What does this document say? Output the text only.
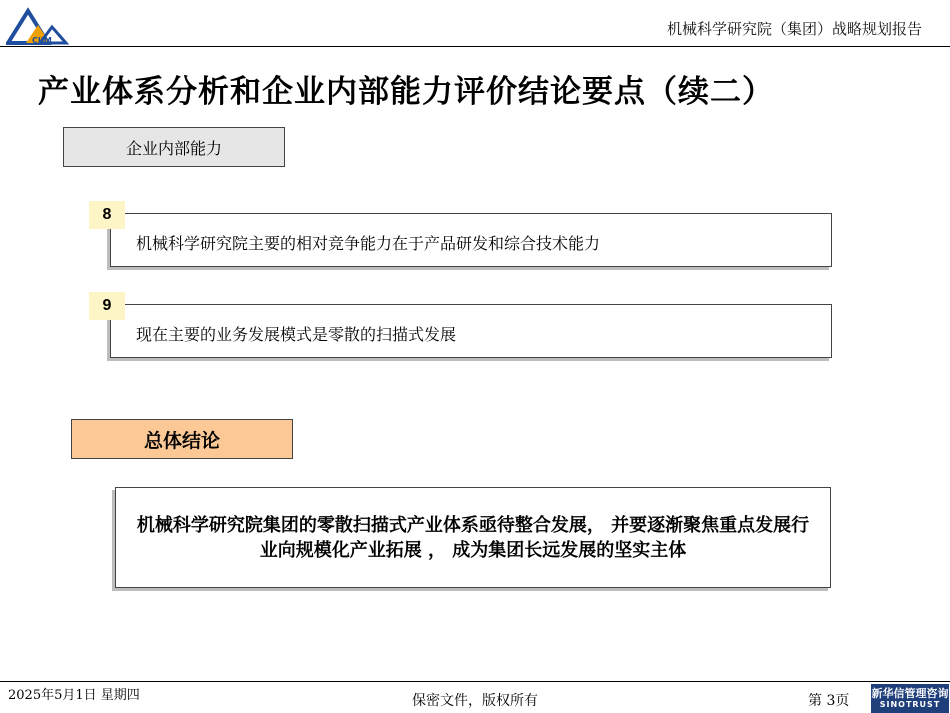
CJIM
机械科学研究院（集团）战略规划报告
产业体系分析和企业内部能力评价结论要点（续二）
企业内部能力
机械科学研究院主要的相对竞争能力在于产品研发和综合技术能力
8
现在主要的业务发展模式是零散的扫描式发展
9
总体结论
机械科学研究院集团的零散扫描式产业体系亟待整合发展， 并要逐渐聚焦重点发展行业向规模化产业拓展 ， 成为集团长远发展的坚实主体
2025年5月1日 星期四	保密文件，版权所有	第 3页 新华信管理咨询
SINOTRUST
